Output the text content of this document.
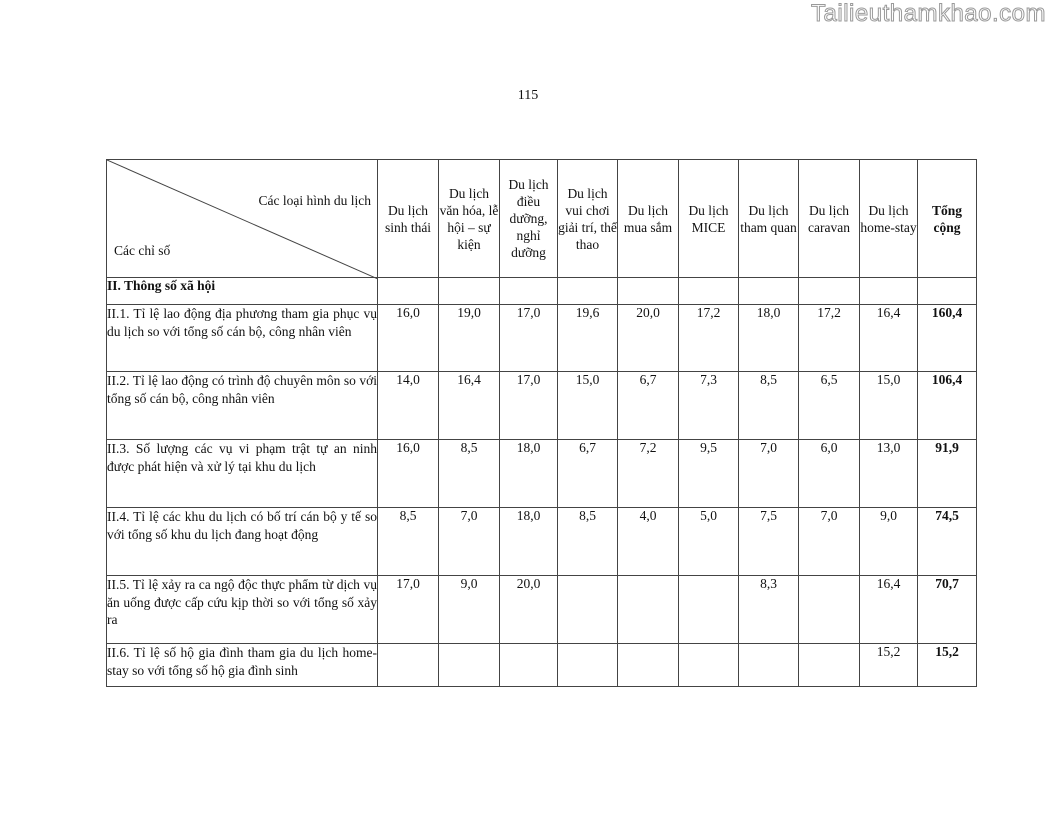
Tailieuthamkhao.com
115
Các loại hình du lịch
Các chỉ số	Du lịch sinh thái	Du lịch văn hóa, lễ hội – sự kiện	Du lịch điều dưỡng, nghỉ dưỡng	Du lịch vui chơi giải trí, thể thao	Du lịch mua sắm	Du lịch MICE	Du lịch tham quan	Du lịch caravan	Du lịch home-stay	Tổng cộng
II. Thông số xã hội										
II.1. Tỉ lệ lao động địa phương tham gia phục vụ du lịch so với tổng số cán bộ, công nhân viên	16,0	19,0	17,0	19,6	20,0	17,2	18,0	17,2	16,4	160,4
II.2. Tỉ lệ lao động có trình độ chuyên môn so với tổng số cán bộ, công nhân viên	14,0	16,4	17,0	15,0	6,7	7,3	8,5	6,5	15,0	106,4
II.3. Số lượng các vụ vi phạm trật tự an ninh được phát hiện và xử lý tại khu du lịch	16,0	8,5	18,0	6,7	7,2	9,5	7,0	6,0	13,0	91,9
II.4. Tỉ lệ các khu du lịch có bố trí cán bộ y tế so với tổng số khu du lịch đang hoạt động	8,5	7,0	18,0	8,5	4,0	5,0	7,5	7,0	9,0	74,5
II.5. Tỉ lệ xảy ra ca ngộ độc thực phẩm từ dịch vụ ăn uống được cấp cứu kịp thời so với tổng số xảy ra	17,0	9,0	20,0				8,3		16,4	70,7
II.6. Tỉ lệ số hộ gia đình tham gia du lịch home-stay so với tổng số hộ gia đình sinh									15,2	15,2
